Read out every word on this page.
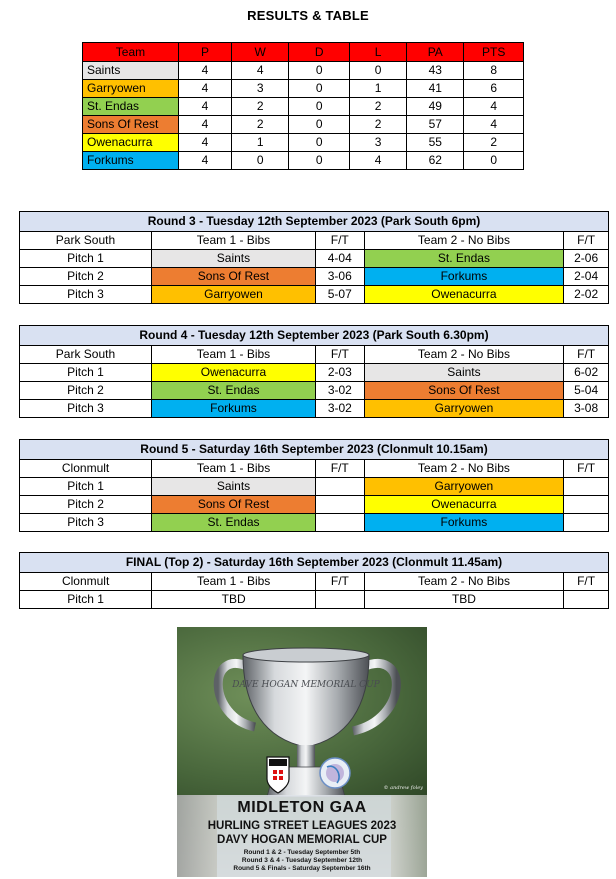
RESULTS & TABLE
Team	P	W	D	L	PA	PTS
Saints	4	4	0	0	43	8
Garryowen	4	3	0	1	41	6
St. Endas	4	2	0	2	49	4
Sons Of Rest	4	2	0	2	57	4
Owenacurra	4	1	0	3	55	2
Forkums	4	0	0	4	62	0
Round 3 - Tuesday 12th September 2023 (Park South 6pm)				
Park South	Team 1 - Bibs	F/T	Team 2 - No Bibs	F/T
Pitch 1	Saints	4-04	St. Endas	2-06
Pitch 2	Sons Of Rest	3-06	Forkums	2-04
Pitch 3	Garryowen	5-07	Owenacurra	2-02
Round 4 - Tuesday 12th September 2023 (Park South 6.30pm)				
Park South	Team 1 - Bibs	F/T	Team 2 - No Bibs	F/T
Pitch 1	Owenacurra	2-03	Saints	6-02
Pitch 2	St. Endas	3-02	Sons Of Rest	5-04
Pitch 3	Forkums	3-02	Garryowen	3-08
Round 5 - Saturday 16th September 2023 (Clonmult 10.15am)				
Clonmult	Team 1 - Bibs	F/T	Team 2 - No Bibs	F/T
Pitch 1	Saints		Garryowen	
Pitch 2	Sons Of Rest		Owenacurra	
Pitch 3	St. Endas		Forkums	
FINAL (Top 2) - Saturday 16th September 2023 (Clonmult 11.45am)				
Clonmult	Team 1 - Bibs	F/T	Team 2 - No Bibs	F/T
Pitch 1	TBD		TBD	
DAVE HOGAN MEMORIAL CUP
© andrew foley
MIDLETON GAA
HURLING STREET LEAGUES 2023
DAVY HOGAN MEMORIAL CUP
Round 1 & 2 - Tuesday September 5th
Round 3 & 4 - Tuesday September 12th
Round 5 & Finals - Saturday September 16th
